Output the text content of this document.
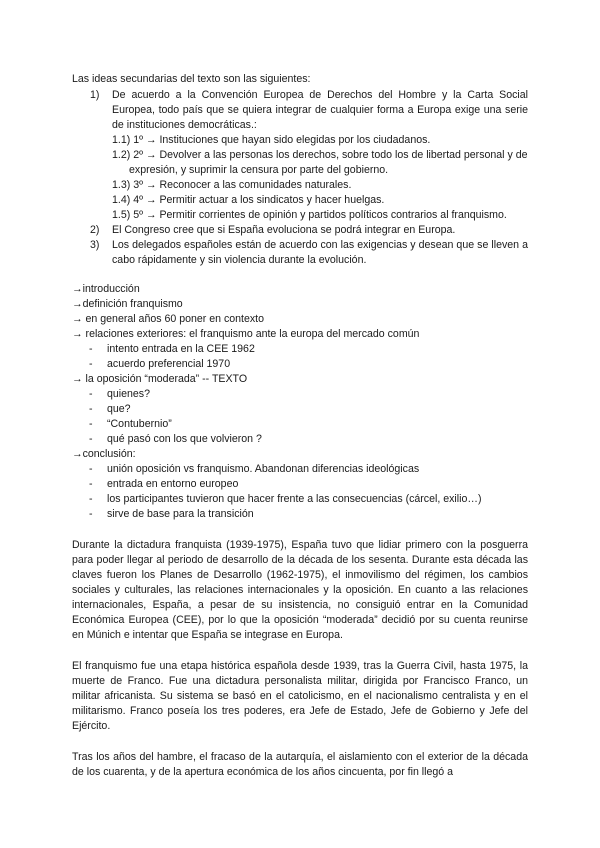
Las ideas secundarias del texto son las siguientes:

1) De acuerdo a la Convención Europea de Derechos del Hombre y la Carta Social Europea, todo país que se quiera integrar de cualquier forma a Europa exige una serie de instituciones democráticas.:
1.1) 1º → Instituciones que hayan sido elegidas por los ciudadanos.
1.2) 2º → Devolver a las personas los derechos, sobre todo los de libertad personal y de expresión, y suprimir la censura por parte del gobierno.
1.3) 3º → Reconocer a las comunidades naturales.
1.4) 4º → Permitir actuar a los sindicatos y hacer huelgas.
1.5) 5º → Permitir corrientes de opinión y partidos políticos contrarios al franquismo.
2) El Congreso cree que si España evoluciona se podrá integrar en Europa.
3) Los delegados españoles están de acuerdo con las exigencias y desean que se lleven a cabo rápidamente y sin violencia durante la evolución.
→introducción
→definición franquismo
→ en general años 60 poner en contexto
→ relaciones exteriores: el franquismo ante la europa del mercado común
- intento entrada en la CEE 1962
- acuerdo preferencial 1970
→ la oposición “moderada” -- TEXTO
- quienes?
- que?
- “Contubernio”
- qué pasó con los que volvieron ?
→conclusión:
- unión oposición vs franquismo. Abandonan diferencias ideológicas
- entrada en entorno europeo
- los participantes tuvieron que hacer frente a las consecuencias (cárcel, exilio…)
- sirve de base para la transición

Durante la dictadura franquista (1939-1975), España tuvo que lidiar primero con la posguerra para poder llegar al periodo de desarrollo de la década de los sesenta. Durante esta década las claves fueron los Planes de Desarrollo (1962-1975), el inmovilismo del régimen, los cambios sociales y culturales, las relaciones internacionales y la oposición. En cuanto a las relaciones internacionales, España, a pesar de su insistencia, no consiguió entrar en la Comunidad Económica Europea (CEE), por lo que la oposición “moderada” decidió por su cuenta reunirse en Múnich e intentar que España se integrase en Europa.

El franquismo fue una etapa histórica española desde 1939, tras la Guerra Civil, hasta 1975, la muerte de Franco. Fue una dictadura personalista militar, dirigida por Francisco Franco, un militar africanista. Su sistema se basó en el catolicismo, en el nacionalismo centralista y en el militarismo. Franco poseía los tres poderes, era Jefe de Estado, Jefe de Gobierno y Jefe del Ejército.

Tras los años del hambre, el fracaso de la autarquía, el aislamiento con el exterior de la década de los cuarenta, y de la apertura económica de los años cincuenta, por fin llegó a
